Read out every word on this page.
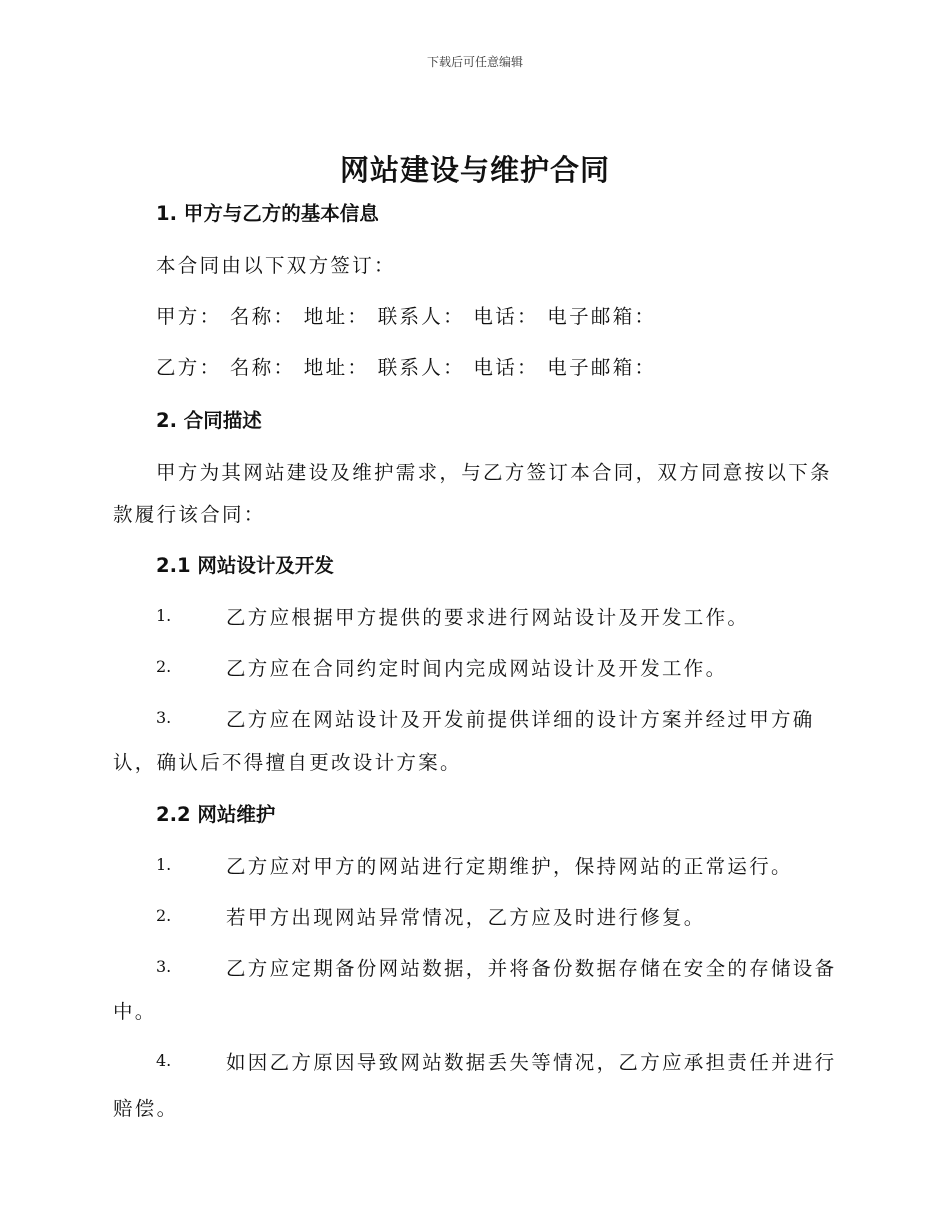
下载后可任意编辑
网站建设与维护合同
1. 甲方与乙方的基本信息
本合同由以下双方签订：
甲方： 名称： 地址： 联系人： 电话： 电子邮箱：
乙方： 名称： 地址： 联系人： 电话： 电子邮箱：
2. 合同描述
甲方为其网站建设及维护需求，与乙方签订本合同，双方同意按以下条
款履行该合同：
2.1 网站设计及开发
1.	乙方应根据甲方提供的要求进行网站设计及开发工作。
2.	乙方应在合同约定时间内完成网站设计及开发工作。
3.	乙方应在网站设计及开发前提供详细的设计方案并经过甲方确
认，确认后不得擅自更改设计方案。
2.2 网站维护
1.	乙方应对甲方的网站进行定期维护，保持网站的正常运行。
2.	若甲方出现网站异常情况，乙方应及时进行修复。
3.	乙方应定期备份网站数据，并将备份数据存储在安全的存储设备
中。
4.	如因乙方原因导致网站数据丢失等情况，乙方应承担责任并进行
赔偿。
